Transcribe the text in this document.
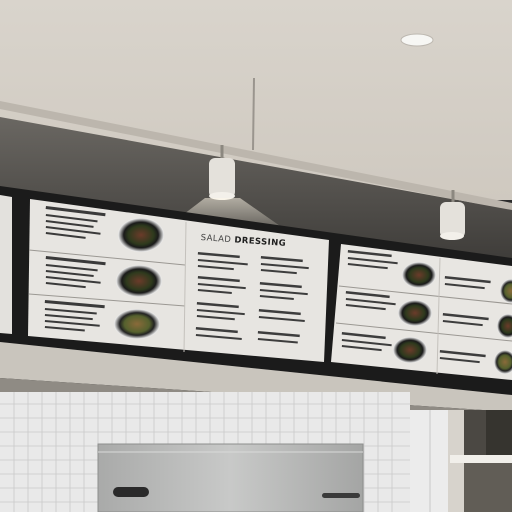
SALAD DRESSING
